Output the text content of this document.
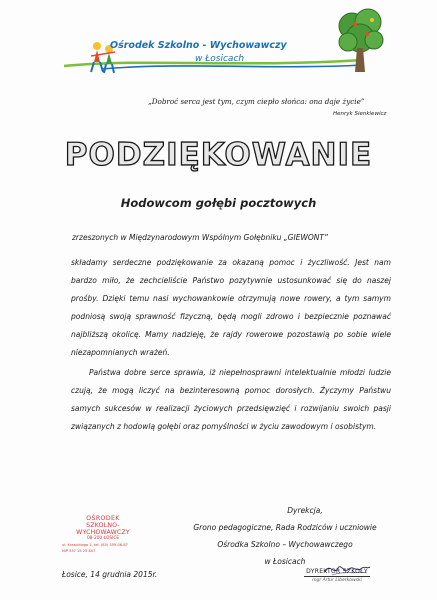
Ośrodek Szkolno - Wychowawczy
w Łosicach
„Dobroć serca jest tym, czym ciepło słońca: ona daje życie”
Henryk Sienkiewicz
PODZIĘKOWANIE
Hodowcom gołębi pocztowych
zrzeszonych w Międzynarodowym Wspólnym Gołębniku „GIEWONT”
składamy serdeczne podziękowanie za okazaną pomoc i życzliwość. Jest nam bardzo miło, że zechcieliście Państwo pozytywnie ustosunkować się do naszej prośby. Dzięki temu nasi wychowankowie otrzymują nowe rowery, a tym samym podniosą swoją sprawność fizyczną, będą mogli zdrowo i bezpiecznie poznawać najbliższą okolicę. Mamy nadzieję, że rajdy rowerowe pozostawią po sobie wiele niezapomnianych wrażeń.
Państwa dobre serce sprawia, iż niepełnosprawni intelektualnie młodzi ludzie czują, że mogą liczyć na bezinteresowną pomoc dorosłych. Życzymy Państwu samych sukcesów w realizacji życiowych przedsięwzięć i rozwijaniu swoich pasji związanych z hodowlą gołębi oraz pomyślności w życiu zawodowym i osobistym.
OŚRODEK
SZKOLNO-WYCHOWAWCZY
08-200 ŁOSICE
ul. Krasickiego 1, tel. (83) 359-06-87
NIP 537 15 25 847
Dyrekcja,
Grono pedagogiczne, Rada Rodziców i uczniowie
Ośrodka Szkolno – Wychowawczego
w Łosicach
Łosice, 14 grudnia 2015r.	DYREKTOR SZKOŁY
mgr Artur Liberkowski
